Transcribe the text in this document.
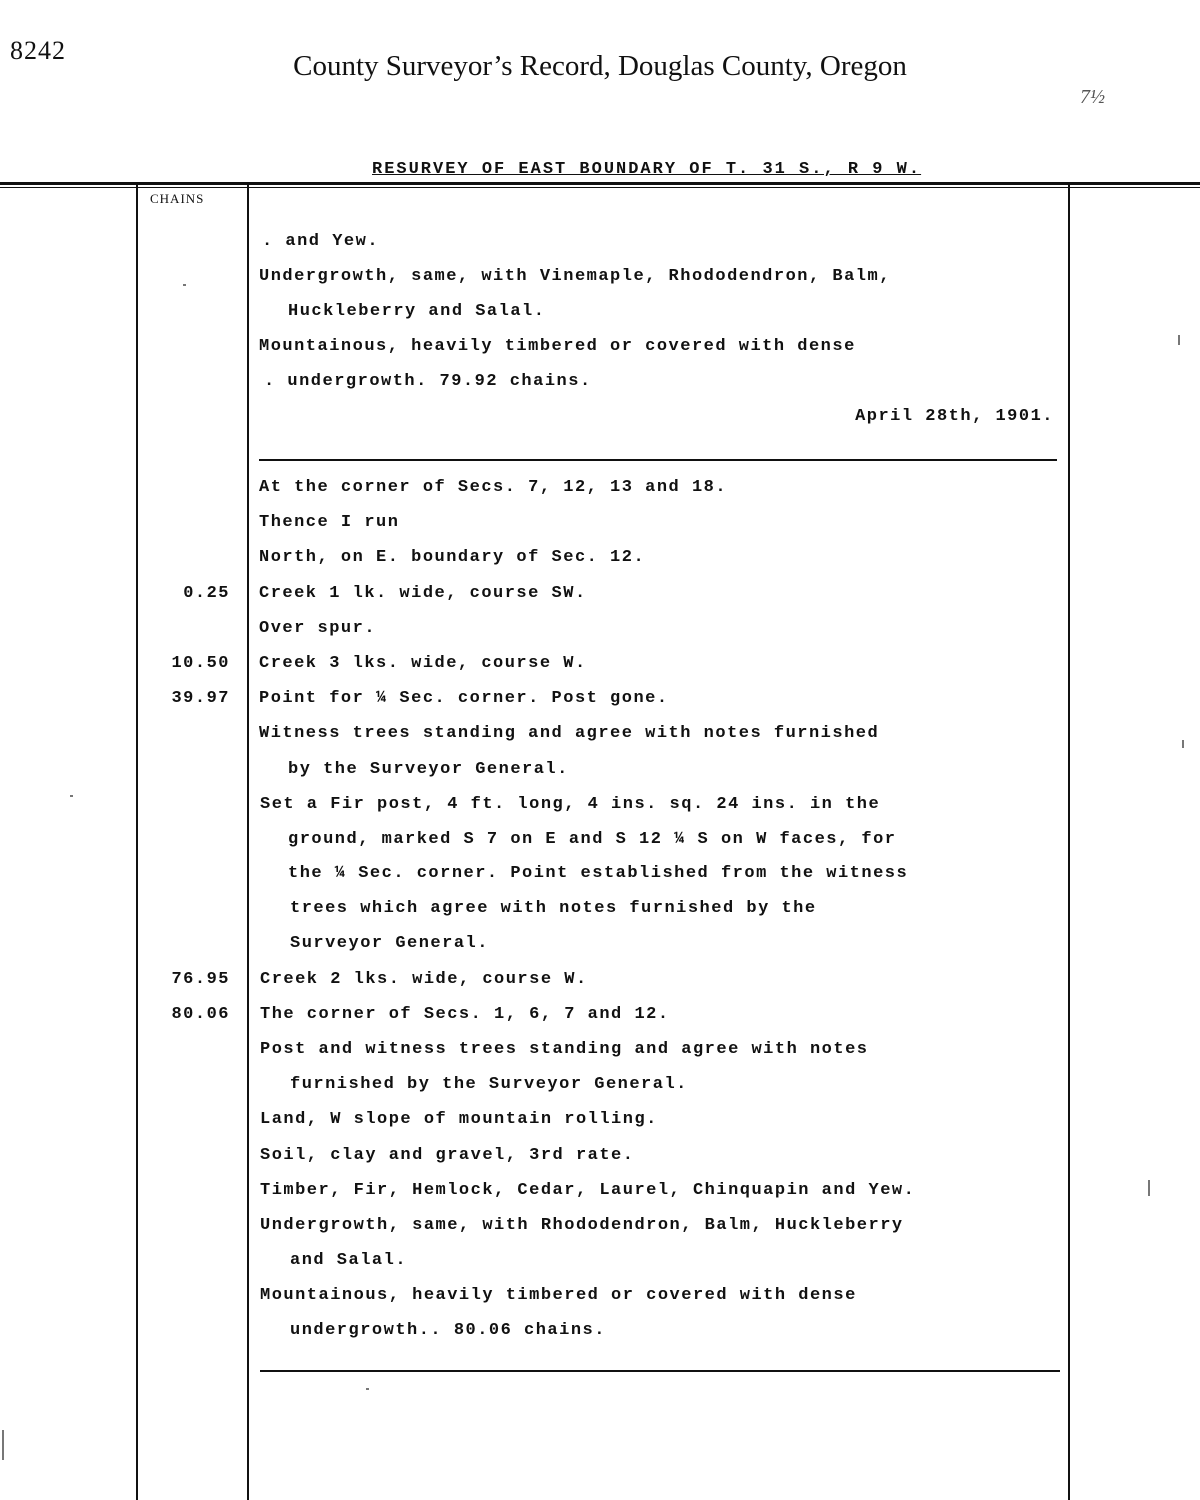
8242	County Surveyor’s Record, Douglas County, Oregon
7½
RESURVEY OF EAST BOUNDARY OF T. 31 S., R 9 W.
CHAINS
. and Yew.
Undergrowth, same, with Vinemaple, Rhododendron, Balm,
Huckleberry and Salal.
Mountainous, heavily timbered or covered with dense
. undergrowth. 79.92 chains.
April 28th, 1901.
At the corner of Secs. 7, 12, 13 and 18.
Thence I run
North, on E. boundary of Sec. 12.
0.25 Creek 1 lk. wide, course SW.
Over spur.
10.50 Creek 3 lks. wide, course W.
39.97 Point for ¼ Sec. corner. Post gone.
Witness trees standing and agree with notes furnished
by the Surveyor General.
Set a Fir post, 4 ft. long, 4 ins. sq. 24 ins. in the
ground, marked S 7 on E and S 12 ¼ S on W faces, for
the ¼ Sec. corner. Point established from the witness
trees which agree with notes furnished by the
Surveyor General.
76.95 Creek 2 lks. wide, course W.
80.06 The corner of Secs. 1, 6, 7 and 12.
Post and witness trees standing and agree with notes
furnished by the Surveyor General.
Land, W slope of mountain rolling.
Soil, clay and gravel, 3rd rate.
Timber, Fir, Hemlock, Cedar, Laurel, Chinquapin and Yew.
Undergrowth, same, with Rhododendron, Balm, Huckleberry
and Salal.
Mountainous, heavily timbered or covered with dense
undergrowth.. 80.06 chains.
